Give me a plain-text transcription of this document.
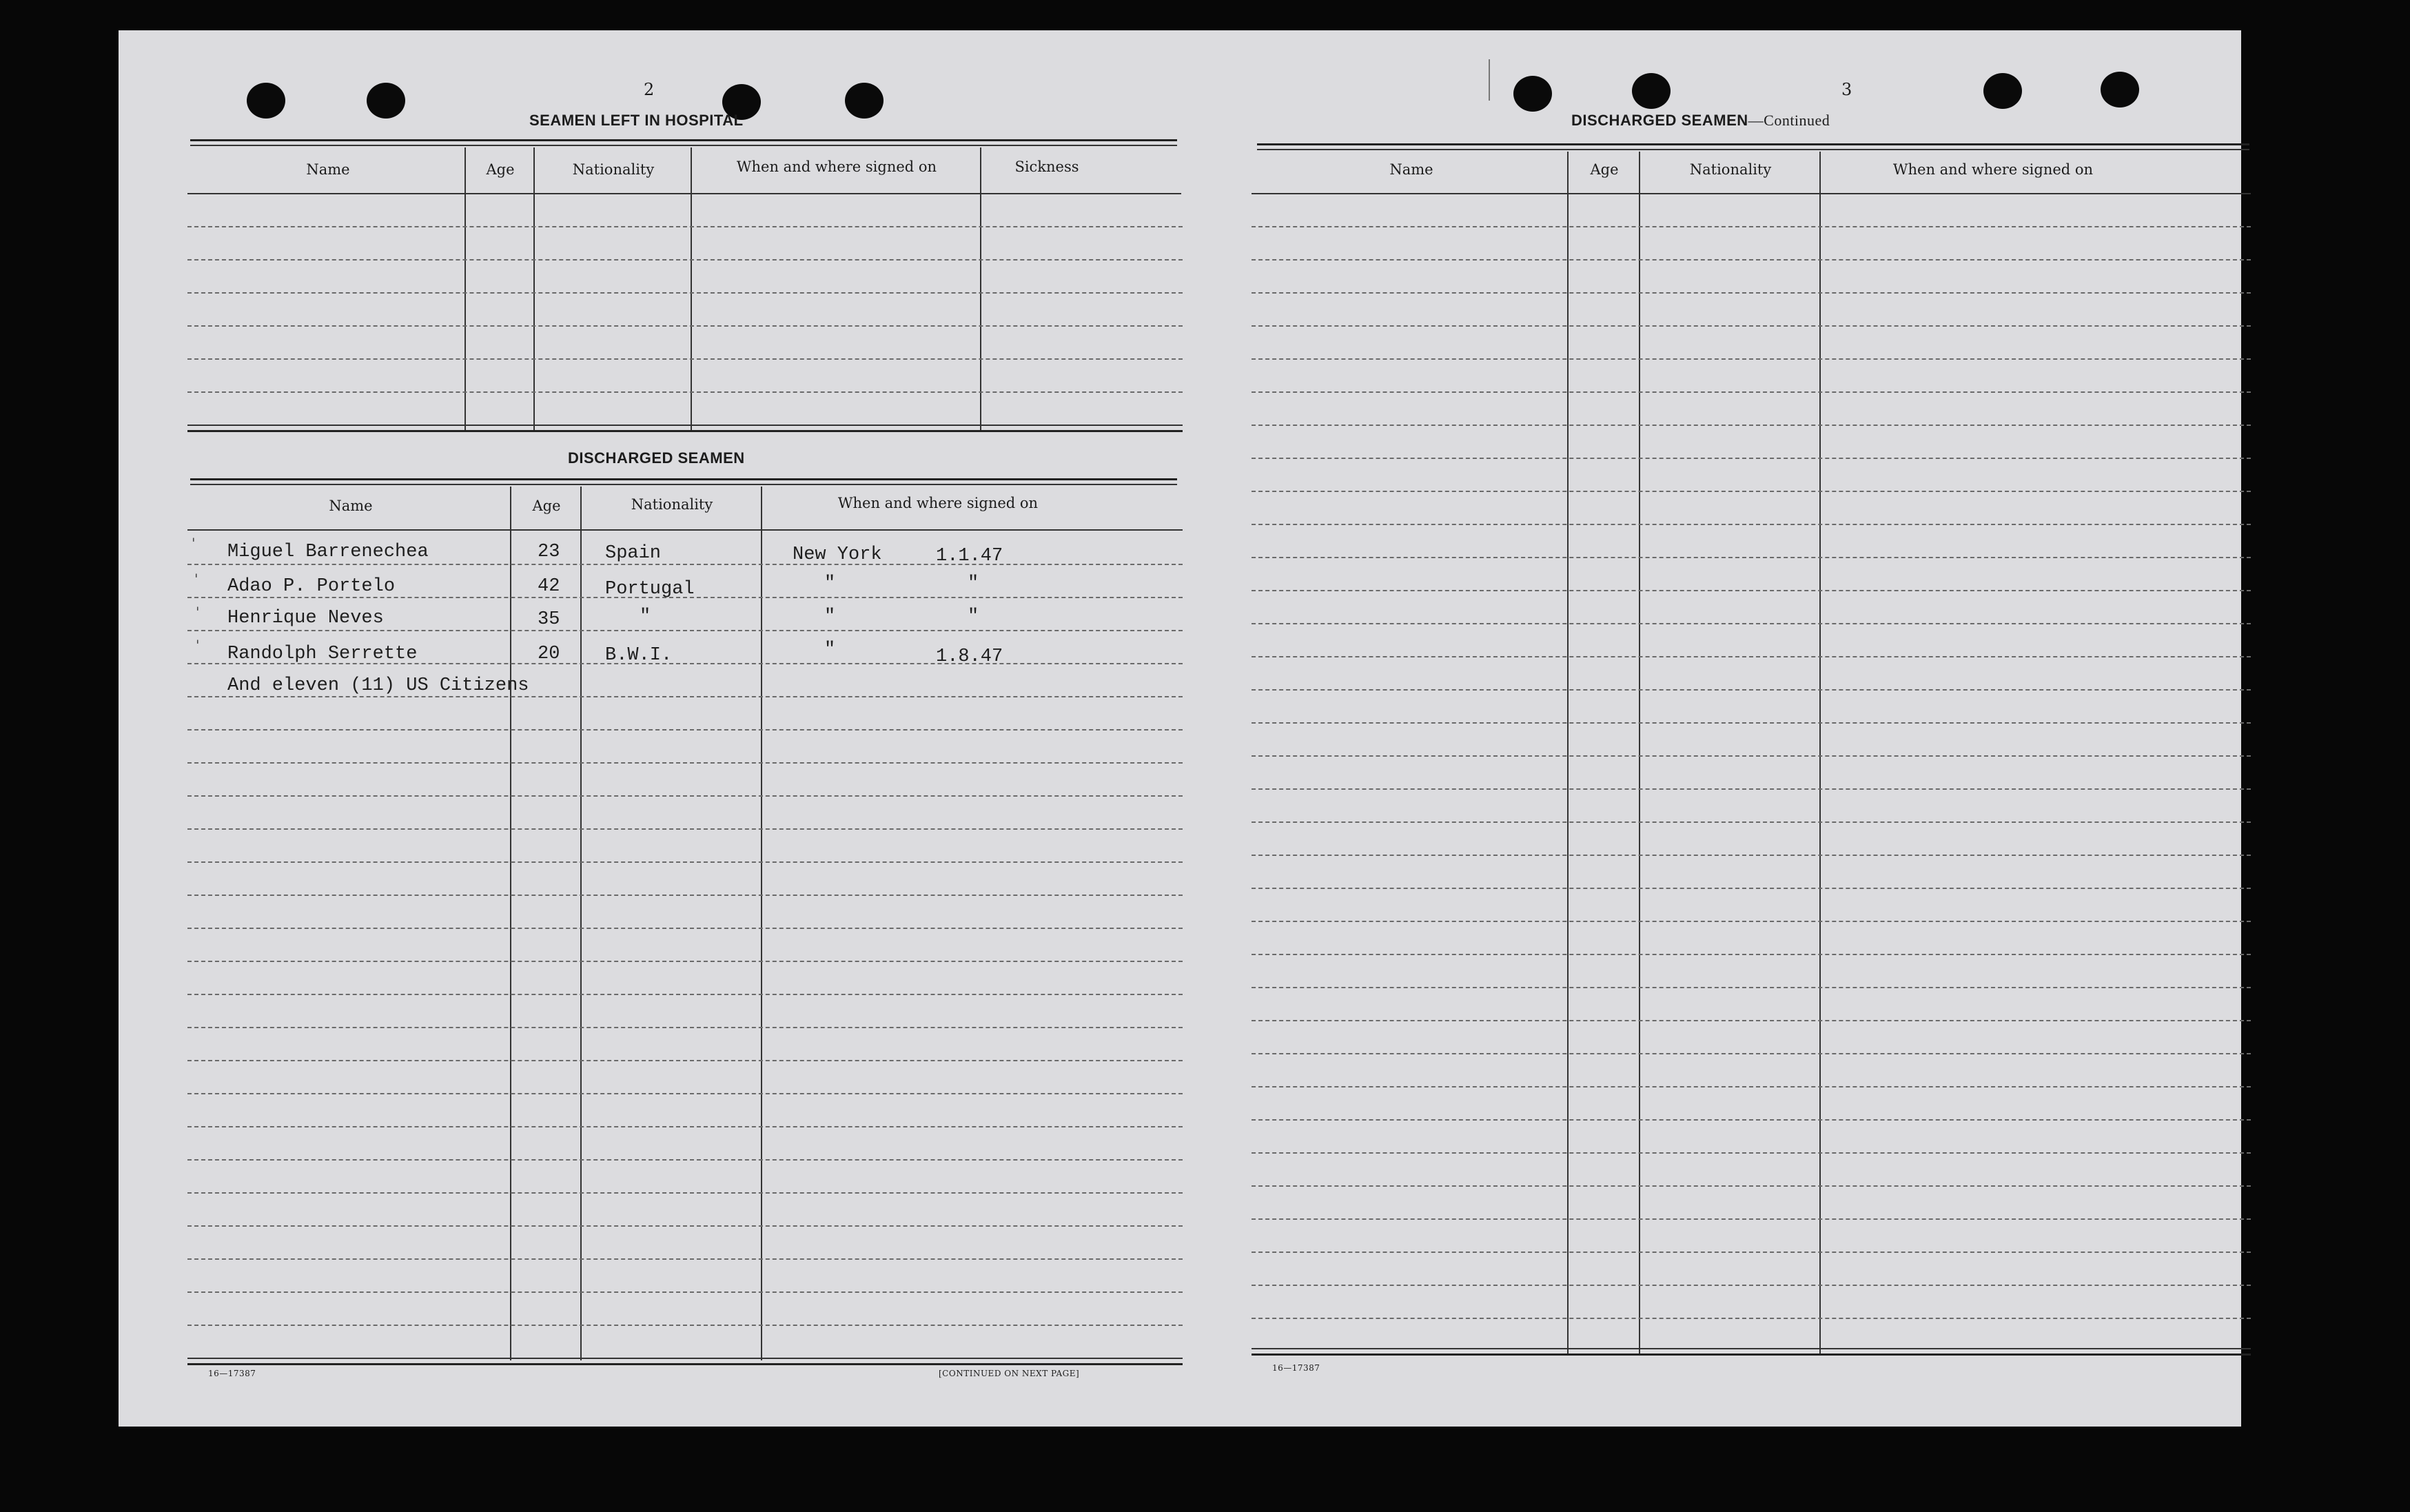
2
SEAMEN LEFT IN HOSPITAL
Name	Age	Nationality	When and where signed on	Sickness
DISCHARGED SEAMEN
Name	Age	Nationality	When and where signed on
' Miguel Barrenechea	23 Spain	New York	1.1.47
' Adao P. Portelo	42 Portugal	"	"
' Henrique Neves	35	"	"	"
' Randolph Serrette	20 B.W.I.	"	1.8.47
And eleven (11) US Citizens
16—17387	[CONTINUED ON NEXT PAGE]
3
DISCHARGED SEAMEN—Continued
Name	Age	Nationality	When and where signed on
16—17387
